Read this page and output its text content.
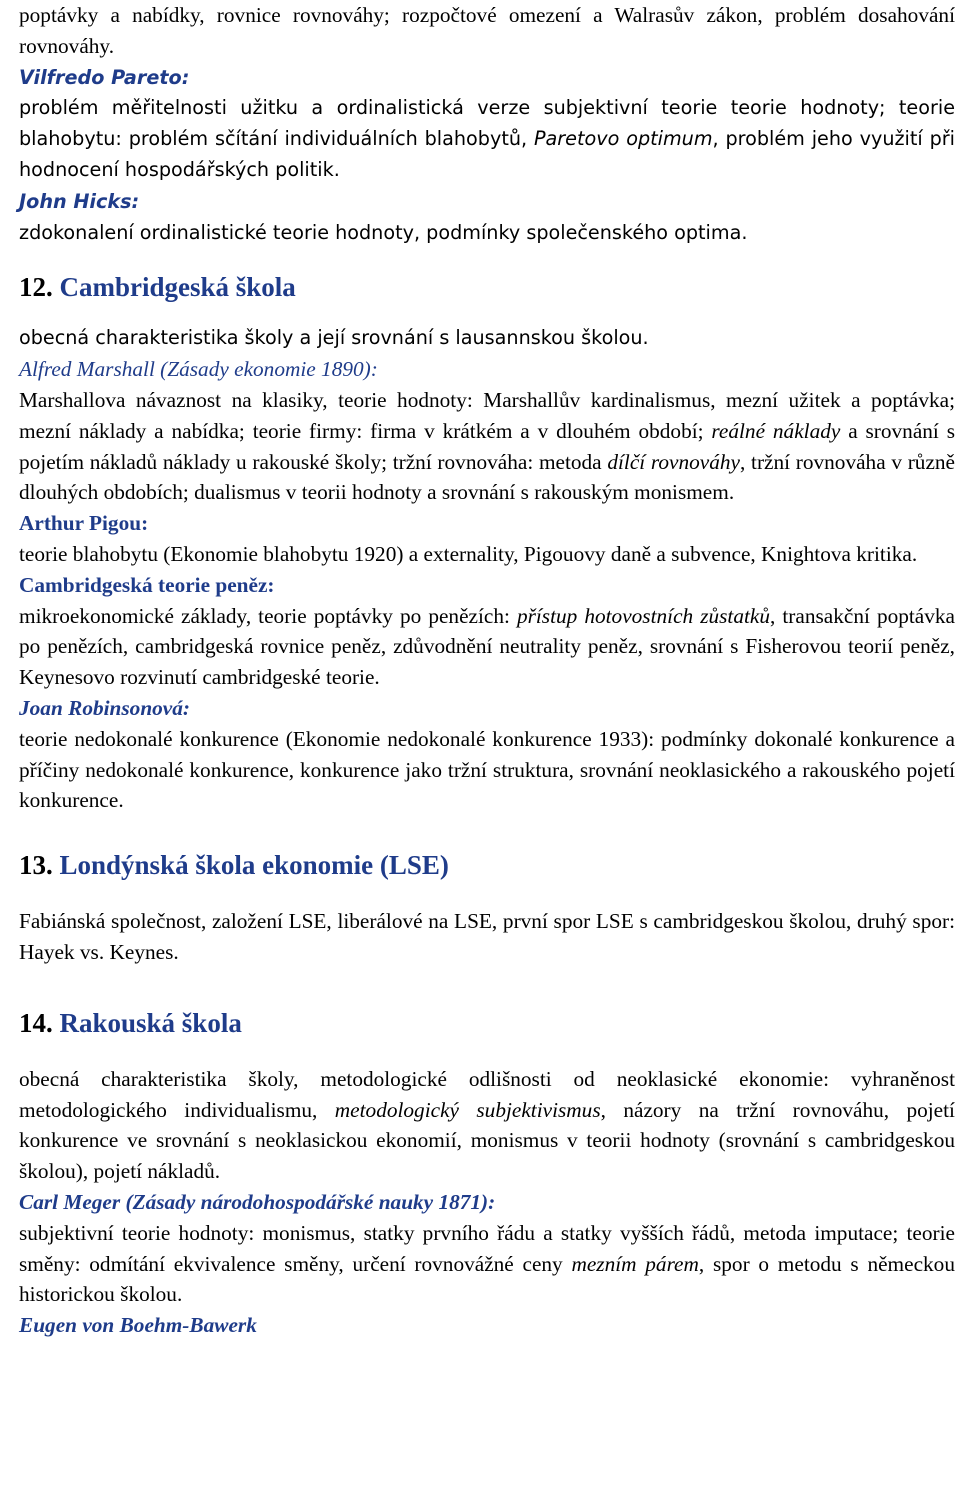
poptávky a nabídky, rovnice rovnováhy; rozpočtové omezení a Walrasův zákon, problém dosahování rovnováhy.

Vilfredo Pareto:

problém měřitelnosti užitku a ordinalistická verze subjektivní teorie teorie hodnoty; teorie blahobytu: problém sčítání individuálních blahobytů, Paretovo optimum, problém jeho využití při hodnocení hospodářských politik.

John Hicks:

zdokonalení ordinalistické teorie hodnoty, podmínky společenského optima.

12. Cambridgeská škola

obecná charakteristika školy a její srovnání s lausannskou školou.

Alfred Marshall (Zásady ekonomie 1890):

Marshallova návaznost na klasiky, teorie hodnoty: Marshallův kardinalismus, mezní užitek a poptávka; mezní náklady a nabídka; teorie firmy: firma v krátkém a v dlouhém období; reálné náklady a srovnání s pojetím nákladů náklady u rakouské školy; tržní rovnováha: metoda dílčí rovnováhy, tržní rovnováha v různě dlouhých obdobích; dualismus v teorii hodnoty a srovnání s rakouským monismem.

Arthur Pigou:

teorie blahobytu (Ekonomie blahobytu 1920) a externality, Pigouovy daně a subvence, Knightova kritika.

Cambridgeská teorie peněz:

mikroekonomické základy, teorie poptávky po penězích: přístup hotovostních zůstatků, transakční poptávka po penězích, cambridgeská rovnice peněz, zdůvodnění neutrality peněz, srovnání s Fisherovou teorií peněz, Keynesovo rozvinutí cambridgeské teorie.

Joan Robinsonová:

teorie nedokonalé konkurence (Ekonomie nedokonalé konkurence 1933): podmínky dokonalé konkurence a příčiny nedokonalé konkurence, konkurence jako tržní struktura, srovnání neoklasického a rakouského pojetí konkurence.

13. Londýnská škola ekonomie (LSE)

Fabiánská společnost, založení LSE, liberálové na LSE, první spor LSE s cambridgeskou školou, druhý spor: Hayek vs. Keynes.

14. Rakouská škola

obecná charakteristika školy, metodologické odlišnosti od neoklasické ekonomie: vyhraněnost metodologického individualismu, metodologický subjektivismus, názory na tržní rovnováhu, pojetí konkurence ve srovnání s neoklasickou ekonomií, monismus v teorii hodnoty (srovnání s cambridgeskou školou), pojetí nákladů.

Carl Meger (Zásady národohospodářské nauky 1871):

subjektivní teorie hodnoty: monismus, statky prvního řádu a statky vyšších řádů, metoda imputace; teorie směny: odmítání ekvivalence směny, určení rovnovážné ceny mezním párem, spor o metodu s německou historickou školou.

Eugen von Boehm-Bawerk
